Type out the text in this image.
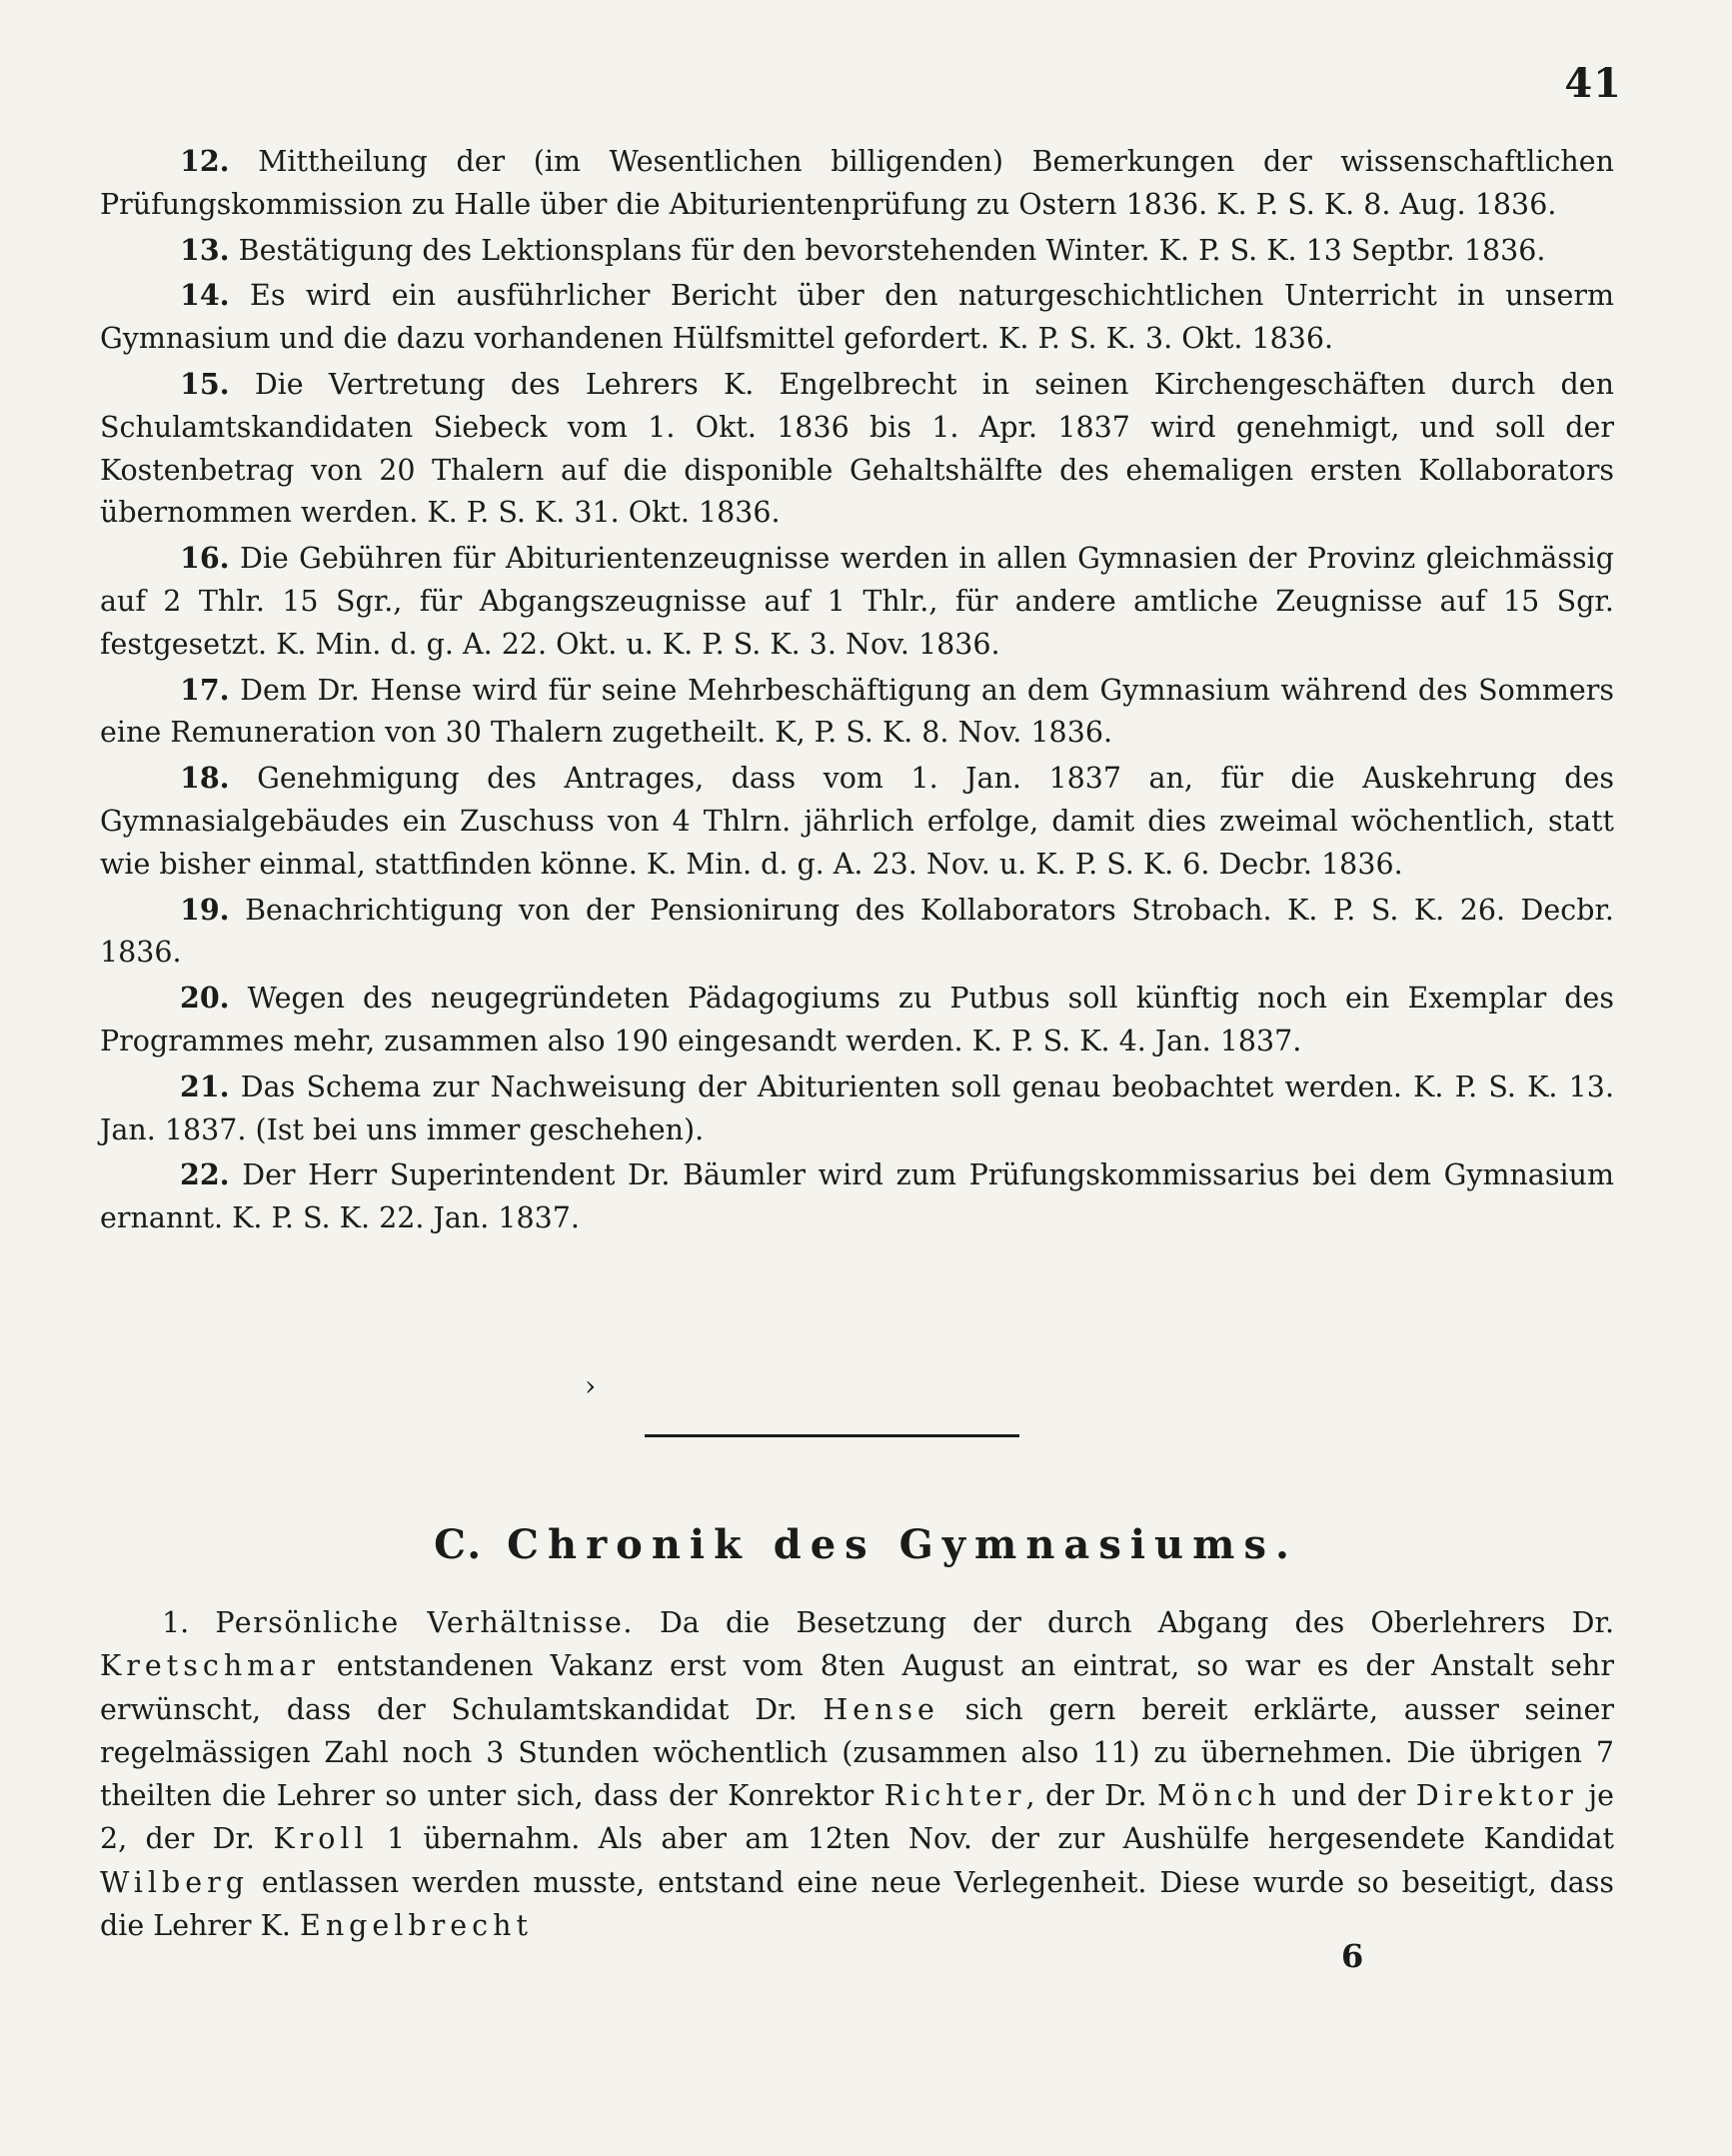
41

12. Mittheilung der (im Wesentlichen billigenden) Bemerkungen der wissenschaftlichen Prüfungskommission zu Halle über die Abiturientenprüfung zu Ostern 1836. K. P. S. K. 8. Aug. 1836.

13. Bestätigung des Lektionsplans für den bevorstehenden Winter. K. P. S. K. 13 Septbr. 1836.

14. Es wird ein ausführlicher Bericht über den naturgeschichtlichen Unterricht in unserm Gymnasium und die dazu vorhandenen Hülfsmittel gefordert. K. P. S. K. 3. Okt. 1836.

15. Die Vertretung des Lehrers K. Engelbrecht in seinen Kirchengeschäften durch den Schulamtskandidaten Siebeck vom 1. Okt. 1836 bis 1. Apr. 1837 wird genehmigt, und soll der Kostenbetrag von 20 Thalern auf die disponible Gehaltshälfte des ehemaligen ersten Kollaborators übernommen werden. K. P. S. K. 31. Okt. 1836.

16. Die Gebühren für Abiturientenzeugnisse werden in allen Gymnasien der Provinz gleichmässig auf 2 Thlr. 15 Sgr., für Abgangszeugnisse auf 1 Thlr., für andere amtliche Zeugnisse auf 15 Sgr. festgesetzt. K. Min. d. g. A. 22. Okt. u. K. P. S. K. 3. Nov. 1836.

17. Dem Dr. Hense wird für seine Mehrbeschäftigung an dem Gymnasium während des Sommers eine Remuneration von 30 Thalern zugetheilt. K, P. S. K. 8. Nov. 1836.

18. Genehmigung des Antrages, dass vom 1. Jan. 1837 an, für die Auskehrung des Gymnasialgebäudes ein Zuschuss von 4 Thlrn. jährlich erfolge, damit dies zweimal wöchentlich, statt wie bisher einmal, stattfinden könne. K. Min. d. g. A. 23. Nov. u. K. P. S. K. 6. Decbr. 1836.

19. Benachrichtigung von der Pensionirung des Kollaborators Strobach. K. P. S. K. 26. Decbr. 1836.

20. Wegen des neugegründeten Pädagogiums zu Putbus soll künftig noch ein Exemplar des Programmes mehr, zusammen also 190 eingesandt werden. K. P. S. K. 4. Jan. 1837.

21. Das Schema zur Nachweisung der Abiturienten soll genau beobachtet werden. K. P. S. K. 13. Jan. 1837. (Ist bei uns immer geschehen).

22. Der Herr Superintendent Dr. Bäumler wird zum Prüfungskommissarius bei dem Gymnasium ernannt. K. P. S. K. 22. Jan. 1837.

›
C. Chronik des Gymnasiums.

1. Persönliche Verhältnisse. Da die Besetzung der durch Abgang des Oberlehrers Dr. Kretschmar entstandenen Vakanz erst vom 8ten August an eintrat, so war es der Anstalt sehr erwünscht, dass der Schulamtskandidat Dr. Hense sich gern bereit erklärte, ausser seiner regelmässigen Zahl noch 3 Stunden wöchentlich (zusammen also 11) zu übernehmen. Die übrigen 7 theilten die Lehrer so unter sich, dass der Konrektor Richter, der Dr. Mönch und der Direktor je 2, der Dr. Kroll 1 übernahm. Als aber am 12ten Nov. der zur Aushülfe hergesendete Kandidat Wilberg entlassen werden musste, entstand eine neue Verlegenheit. Diese wurde so beseitigt, dass die Lehrer K. Engelbrecht

6
